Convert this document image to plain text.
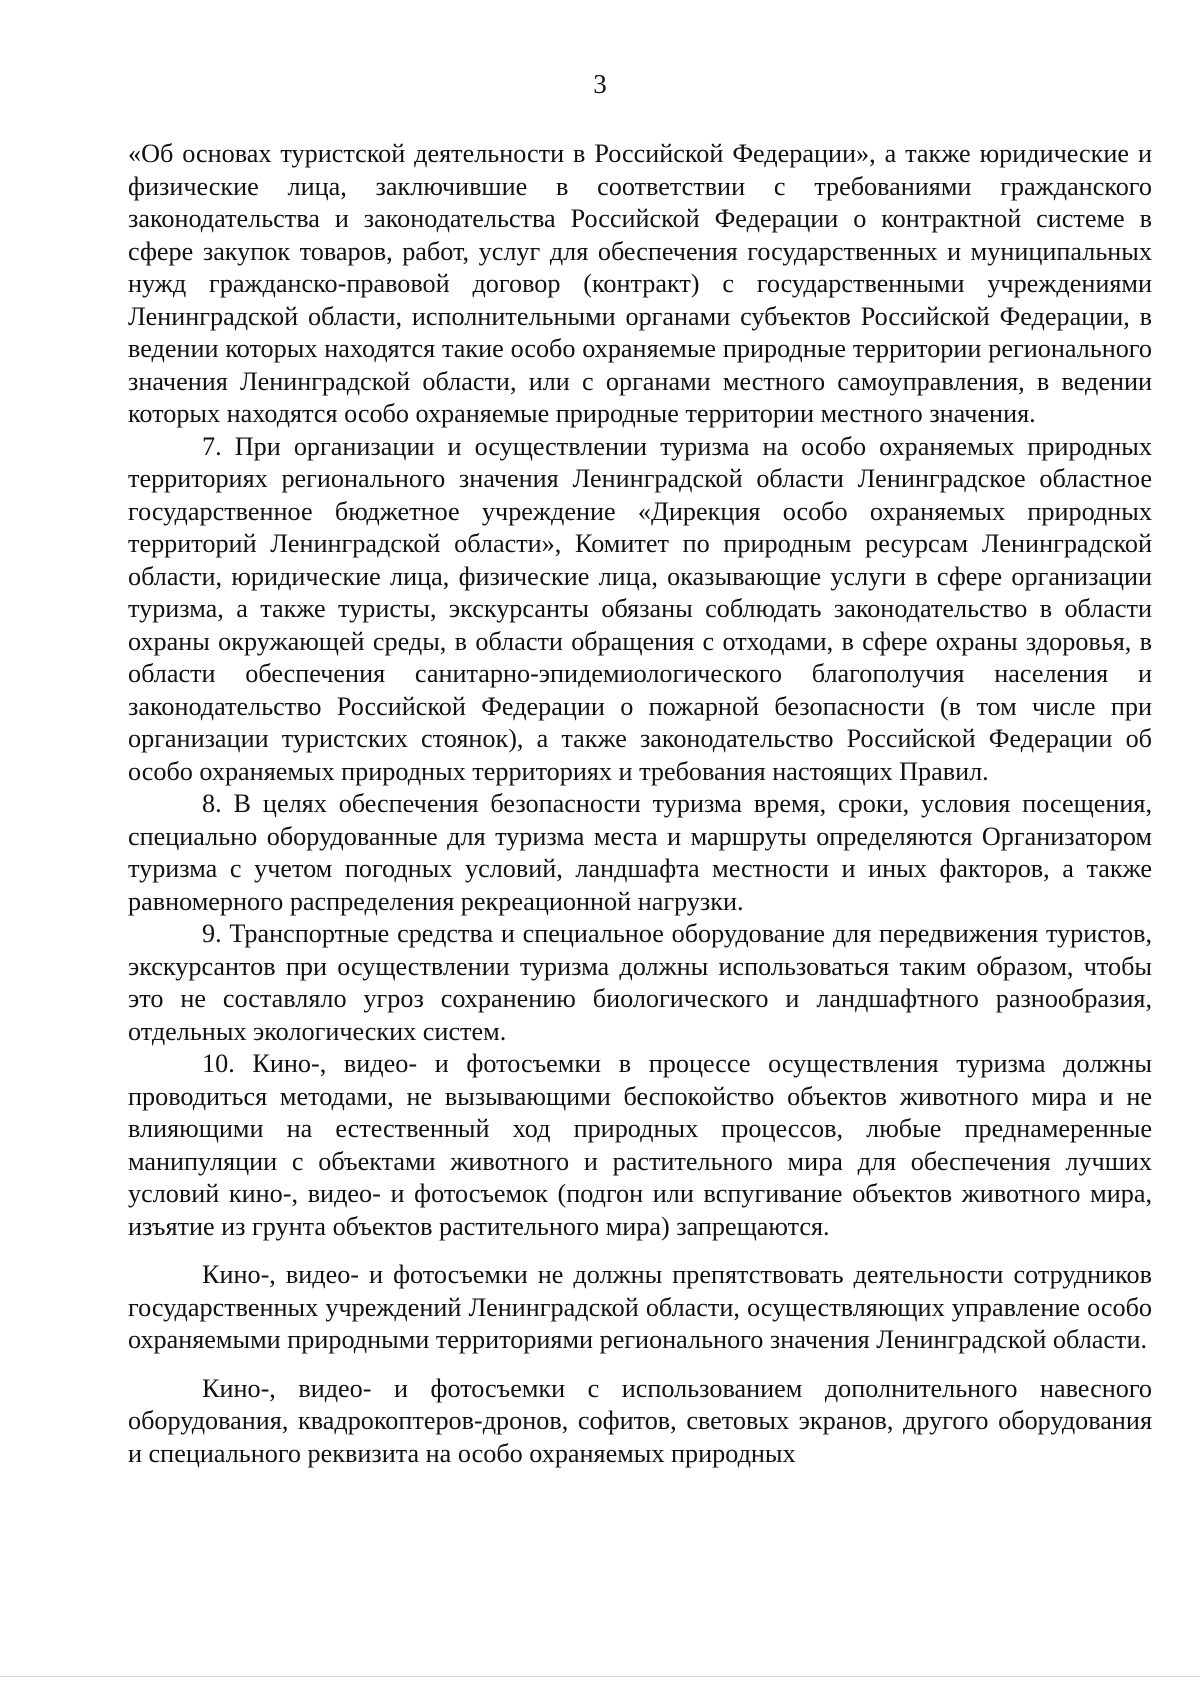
3

«Об основах туристской деятельности в Российской Федерации», а также юридические и физические лица, заключившие в соответствии с требованиями гражданского законодательства и законодательства Российской Федерации о контрактной системе в сфере закупок товаров, работ, услуг для обеспечения государственных и муниципальных нужд гражданско-правовой договор (контракт) с государственными учреждениями Ленинградской области, исполнительными органами субъектов Российской Федерации, в ведении которых находятся такие особо охраняемые природные территории регионального значения Ленинградской области, или с органами местного самоуправления, в ведении которых находятся особо охраняемые природные территории местного значения.

7. При организации и осуществлении туризма на особо охраняемых природных территориях регионального значения Ленинградской области Ленинградское областное государственное бюджетное учреждение «Дирекция особо охраняемых природных территорий Ленинградской области», Комитет по природным ресурсам Ленинградской области, юридические лица, физические лица, оказывающие услуги в сфере организации туризма, а также туристы, экскурсанты обязаны соблюдать законодательство в области охраны окружающей среды, в области обращения с отходами, в сфере охраны здоровья, в области обеспечения санитарно-эпидемиологического благополучия населения и законодательство Российской Федерации о пожарной безопасности (в том числе при организации туристских стоянок), а также законодательство Российской Федерации об особо охраняемых природных территориях и требования настоящих Правил.

8. В целях обеспечения безопасности туризма время, сроки, условия посещения, специально оборудованные для туризма места и маршруты определяются Организатором туризма с учетом погодных условий, ландшафта местности и иных факторов, а также равномерного распределения рекреационной нагрузки.

9. Транспортные средства и специальное оборудование для передвижения туристов, экскурсантов при осуществлении туризма должны использоваться таким образом, чтобы это не составляло угроз сохранению биологического и ландшафтного разнообразия, отдельных экологических систем.

10. Кино-, видео- и фотосъемки в процессе осуществления туризма должны проводиться методами, не вызывающими беспокойство объектов животного мира и не влияющими на естественный ход природных процессов, любые преднамеренные манипуляции с объектами животного и растительного мира для обеспечения лучших условий кино-, видео- и фотосъемок (подгон или вспугивание объектов животного мира, изъятие из грунта объектов растительного мира) запрещаются.

Кино-, видео- и фотосъемки не должны препятствовать деятельности сотрудников государственных учреждений Ленинградской области, осуществляющих управление особо охраняемыми природными территориями регионального значения Ленинградской области.

Кино-, видео- и фотосъемки с использованием дополнительного навесного оборудования, квадрокоптеров-дронов, софитов, световых экранов, другого оборудования и специального реквизита на особо охраняемых природных
